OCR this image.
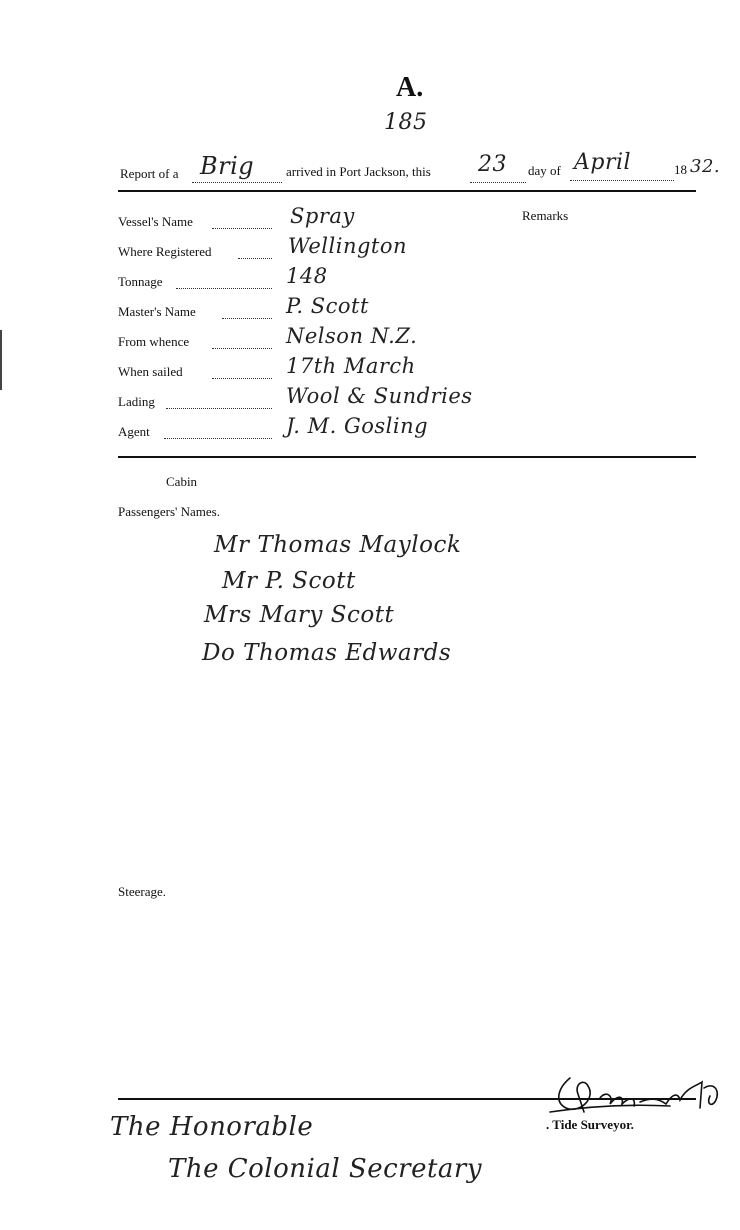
A.
185
Report of a Brig arrived in Port Jackson, this 23 day of April	18 32.
Remarks
Vessel's Name	Spray
Where Registered	Wellington
Tonnage	148
Master's Name	P. Scott
From whence	Nelson N.Z.
When sailed	17th March
Lading	Wool & Sundries
Agent	J. M. Gosling
Cabin
Passengers' Names.
Mr Thomas Maylock
Mr P. Scott
Mrs Mary Scott
Do Thomas Edwards
Steerage.
. Tide Surveyor.
The Honorable
The Colonial Secretary
